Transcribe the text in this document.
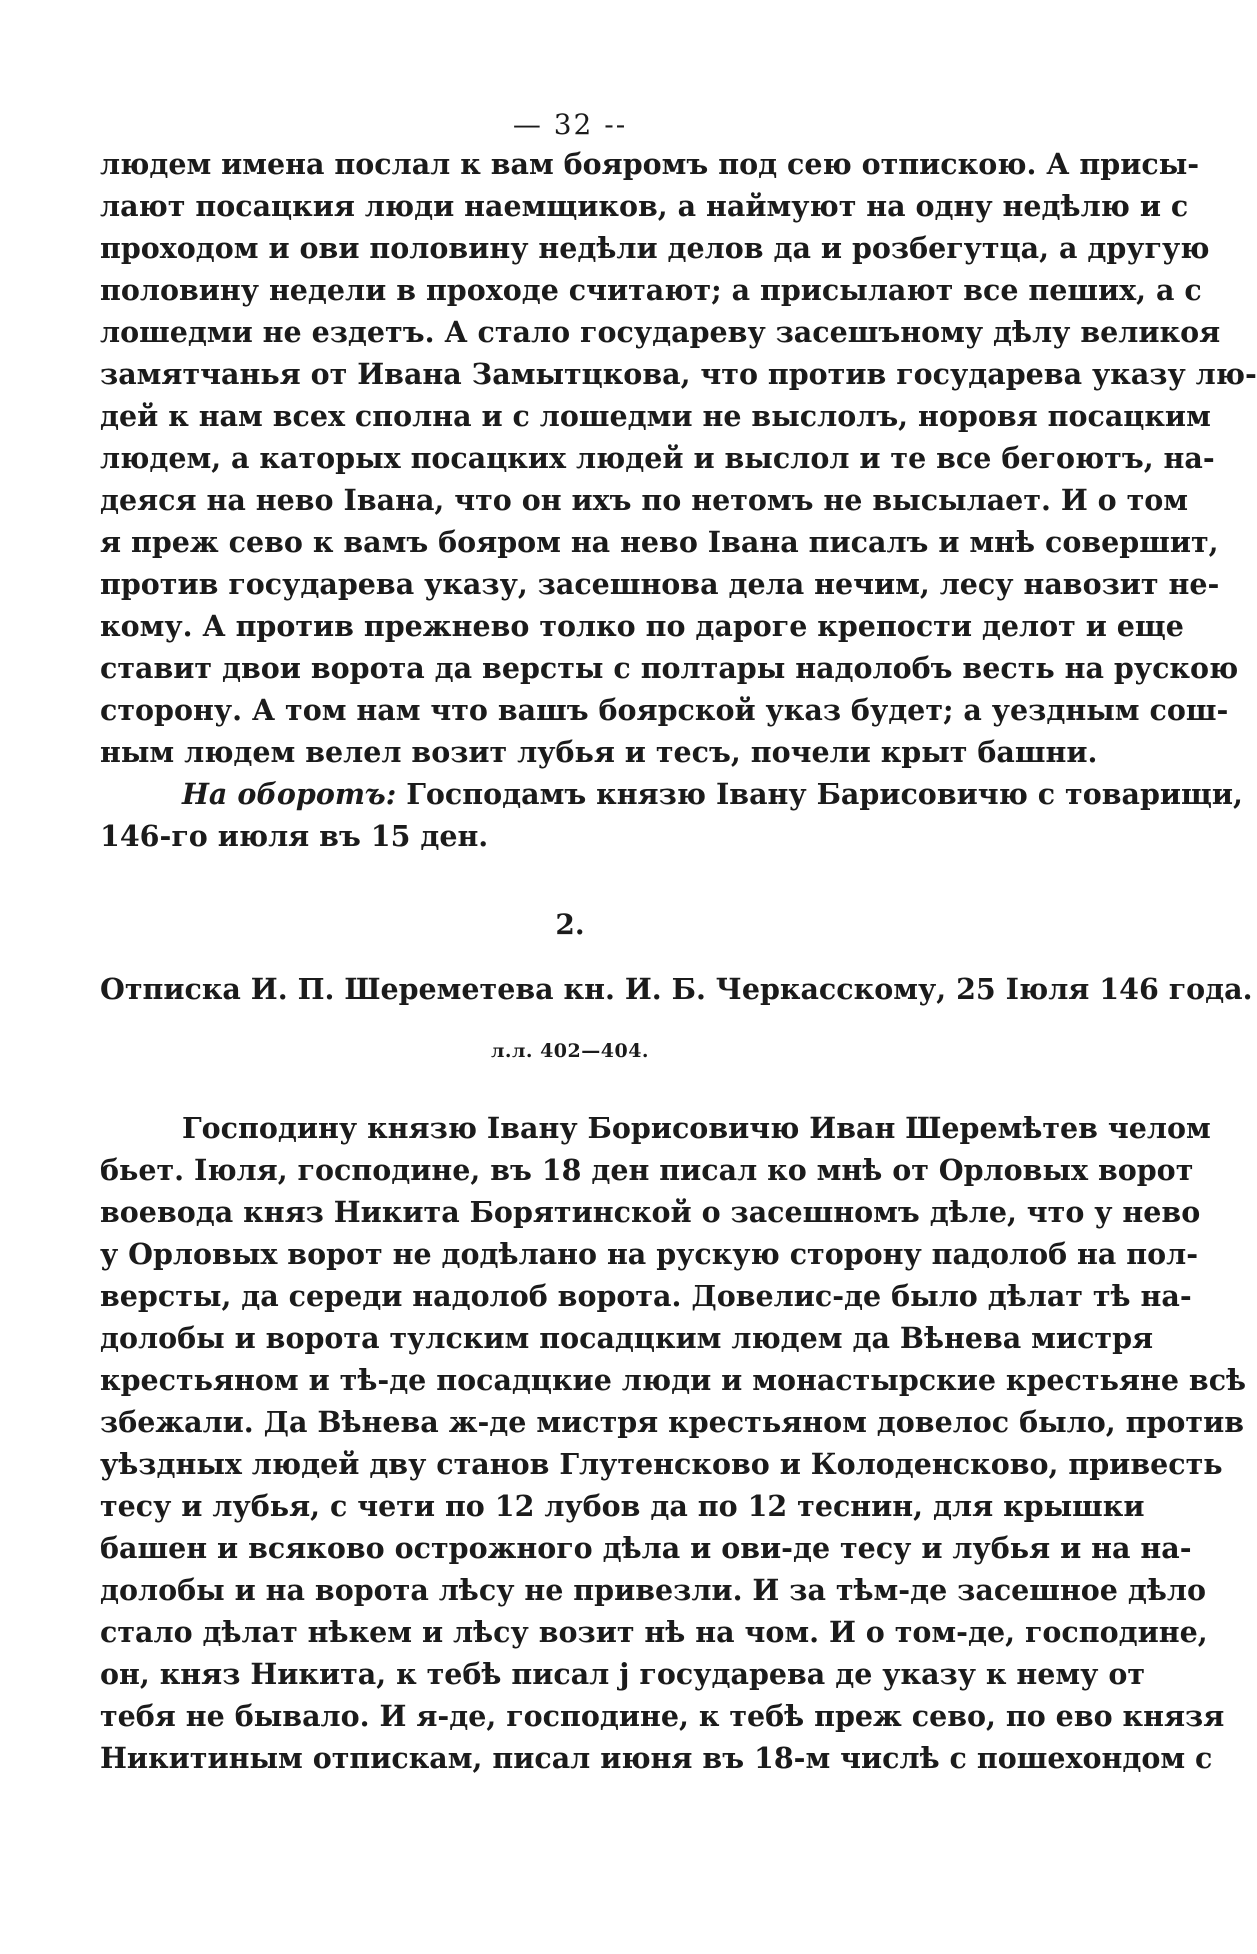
— 32 --
людем имена послал к вам бояромъ под сею отпискою. А присы-
лают посацкия люди наемщиков, а наймуют на одну недѣлю и с
проходом и ови половину недѣли делов да и розбегутца, а другую
половину недели в проходе считают; а присылают все пеших, а с
лошедми не ездетъ. А стало государеву засешъному дѣлу великоя
замятчанья от Ивана Замытцкова, что против государева указу лю-
дей к нам всех сполна и с лошедми не выслолъ, норовя посацким
людем, а каторых посацких людей и выслол и те все бегоютъ, на-
деяся на нево Івана, что он ихъ по нетомъ не высылает. И о том
я преж сево к вамъ бояром на нево Івана писалъ и мнѣ совершит,
против государева указу, засешнова дела нечим, лесу навозит не-
кому. А против прежнево толко по дароге крепости делот и еще
ставит двои ворота да версты с полтары надолобъ весть на рускою
сторону. А том нам что вашъ боярской указ будет; а уездным сош-
ным людем велел возит лубья и тесъ, почели крыт башни.
На оборотъ: Господамъ князю Івану Барисовичю с товарищи,
146-го июля въ 15 ден.
2.
Отписка И. П. Шереметева кн. И. Б. Черкасскому, 25 Іюля 146 года.
л.л. 402—404.
Господину князю Івану Борисовичю Иван Шеремѣтев челом
бьет. Іюля, господине, въ 18 ден писал ко мнѣ от Орловых ворот
воевода княз Никита Борятинской о засешномъ дѣле, что у нево
у Орловых ворот не додѣлано на рускую сторону падолоб на пол-
версты, да середи надолоб ворота. Довелис-де было дѣлат тѣ на-
долобы и ворота тулским посадцким людем да Вѣнева мистря
крестьяном и тѣ-де посадцкие люди и монастырские крестьяне всѣ
збежали. Да Вѣнева ж-де мистря крестьяном довелос было, против
уѣздных людей дву станов Глутенсково и Колоденсково, привесть
тесу и лубья, с чети по 12 лубов да по 12 теснин, для крышки
башен и всяково острожного дѣла и ови-де тесу и лубья и на на-
долобы и на ворота лѣсу не привезли. И за тѣм-де засешное дѣло
стало дѣлат нѣкем и лѣсу возит нѣ на чом. И о том-де, господине,
он, княз Никита, к тебѣ писал ј государева де указу к нему от
тебя не бывало. И я-де, господине, к тебѣ преж сево, по ево князя
Никитиным отпискам, писал июня въ 18-м числѣ с пошехондом с
